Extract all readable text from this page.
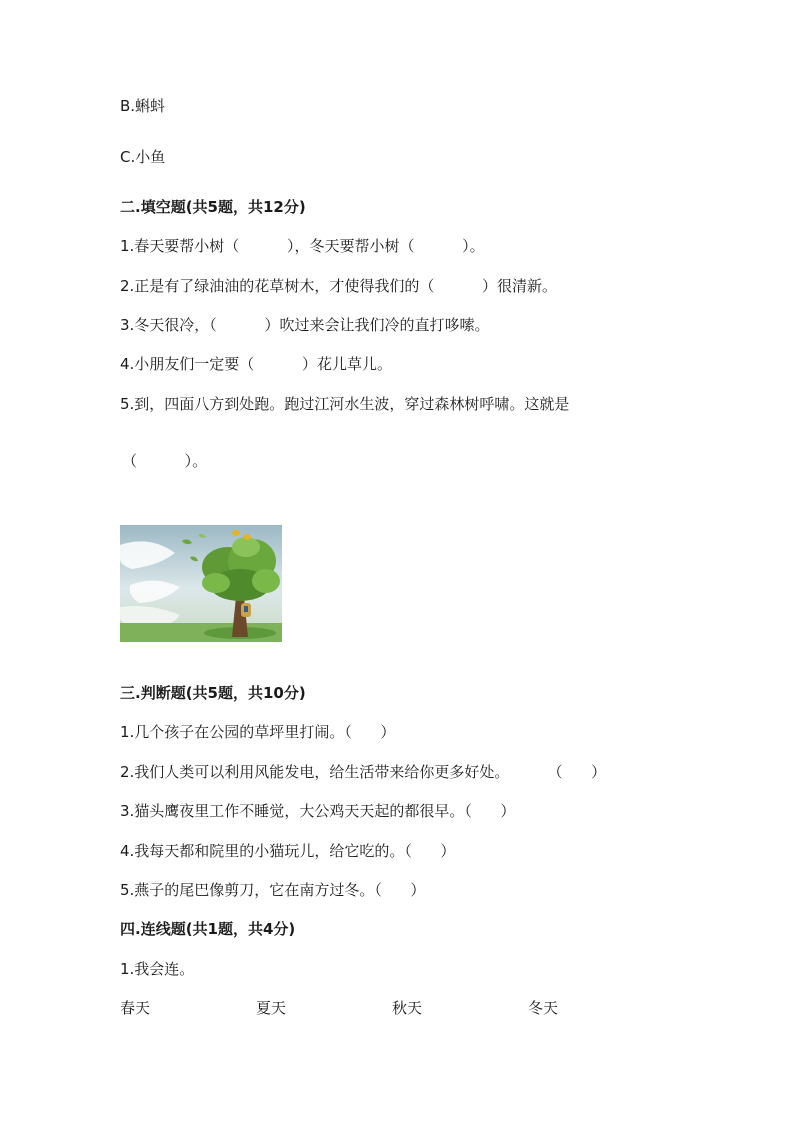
B.蝌蚪
C.小鱼
二.填空题(共5题，共12分)
1.春天要帮小树（          ），冬天要帮小树（          ）。
2.正是有了绿油油的花草树木，才使得我们的（          ）很清新。
3.冬天很冷，（          ）吹过来会让我们冷的直打哆嗦。
4.小朋友们一定要（          ）花儿草儿。
5.到，四面八方到处跑。跑过江河水生波，穿过森林树呼啸。这就是
（          ）。
三.判断题(共5题，共10分)
1.几个孩子在公园的草坪里打闹。（      ）
2.我们人类可以利用风能发电，给生活带来给你更多好处。        （      ）
3.猫头鹰夜里工作不睡觉，大公鸡天天起的都很早。（      ）
4.我每天都和院里的小猫玩儿，给它吃的。（      ）
5.燕子的尾巴像剪刀，它在南方过冬。（      ）
四.连线题(共1题，共4分)
1.我会连。
春天	夏天	秋天	冬天
